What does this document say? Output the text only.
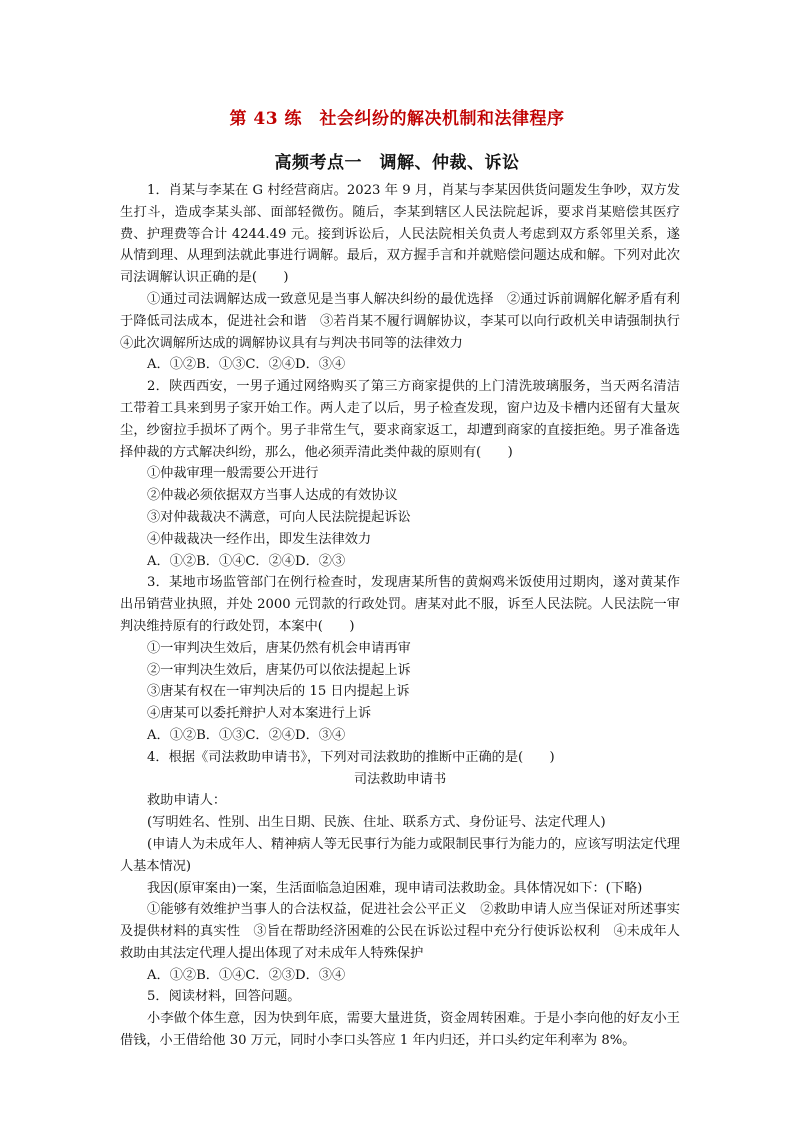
第 43 练　社会纠纷的解决机制和法律程序
高频考点一　调解、仲裁、诉讼

1．肖某与李某在 G 村经营商店。2023 年 9 月，肖某与李某因供货问题发生争吵，双方发生打斗，造成李某头部、面部轻微伤。随后，李某到辖区人民法院起诉，要求肖某赔偿其医疗费、护理费等合计 4244.49 元。接到诉讼后，人民法院相关负责人考虑到双方系邻里关系，遂从情到理、从理到法就此事进行调解。最后，双方握手言和并就赔偿问题达成和解。下列对此次司法调解认识正确的是(　　)

①通过司法调解达成一致意见是当事人解决纠纷的最优选择　②通过诉前调解化解矛盾有利于降低司法成本，促进社会和谐　③若肖某不履行调解协议，李某可以向行政机关申请强制执行　④此次调解所达成的调解协议具有与判决书同等的法律效力

A．①②B．①③C．②④D．③④

2．陕西西安，一男子通过网络购买了第三方商家提供的上门清洗玻璃服务，当天两名清洁工带着工具来到男子家开始工作。两人走了以后，男子检查发现，窗户边及卡槽内还留有大量灰尘，纱窗拉手损坏了两个。男子非常生气，要求商家返工，却遭到商家的直接拒绝。男子准备选择仲裁的方式解决纠纷，那么，他必须弄清此类仲裁的原则有(　　)

①仲裁审理一般需要公开进行

②仲裁必须依据双方当事人达成的有效协议

③对仲裁裁决不满意，可向人民法院提起诉讼

④仲裁裁决一经作出，即发生法律效力

A．①②B．①④C．②④D．②③

3．某地市场监管部门在例行检查时，发现唐某所售的黄焖鸡米饭使用过期肉，遂对黄某作出吊销营业执照，并处 2000 元罚款的行政处罚。唐某对此不服，诉至人民法院。人民法院一审判决维持原有的行政处罚，本案中(　　)

①一审判决生效后，唐某仍然有机会申请再审

②一审判决生效后，唐某仍可以依法提起上诉

③唐某有权在一审判决后的 15 日内提起上诉

④唐某可以委托辩护人对本案进行上诉

A．①②B．①③C．②④D．③④

4．根据《司法救助申请书》，下列对司法救助的推断中正确的是(　　)

司法救助申请书

救助申请人：

(写明姓名、性别、出生日期、民族、住址、联系方式、身份证号、法定代理人)

(申请人为未成年人、精神病人等无民事行为能力或限制民事行为能力的，应该写明法定代理人基本情况)

我因(原审案由)一案，生活面临急迫困难，现申请司法救助金。具体情况如下：(下略)

①能够有效维护当事人的合法权益，促进社会公平正义　②救助申请人应当保证对所述事实及提供材料的真实性　③旨在帮助经济困难的公民在诉讼过程中充分行使诉讼权利　④未成年人救助由其法定代理人提出体现了对未成年人特殊保护

A．①②B．①④C．②③D．③④

5．阅读材料，回答问题。

小李做个体生意，因为快到年底，需要大量进货，资金周转困难。于是小李向他的好友小王借钱，小王借给他 30 万元，同时小李口头答应 1 年内归还，并口头约定年利率为 8%。
